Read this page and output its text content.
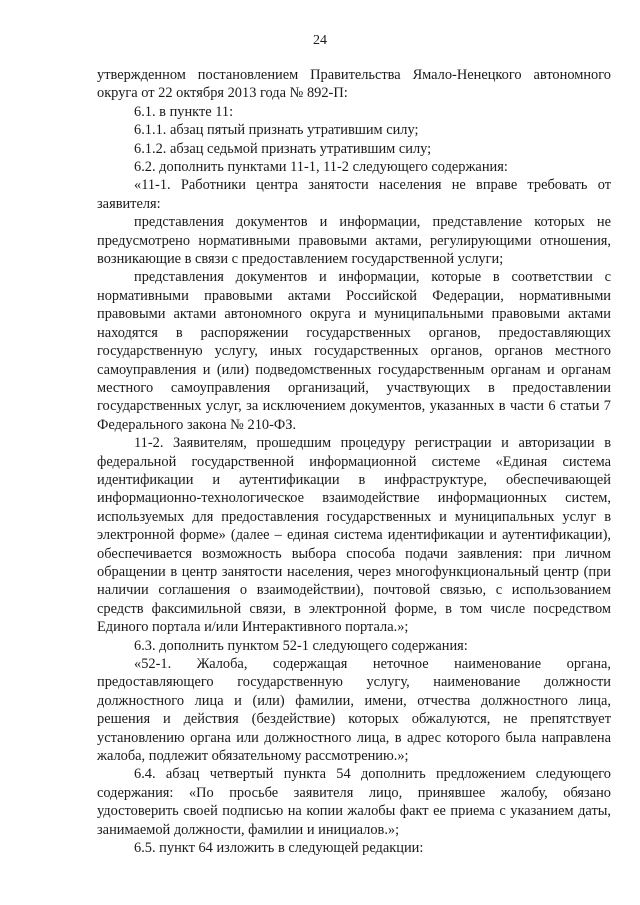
24

утвержденном постановлением Правительства Ямало-Ненецкого автономного округа от 22 октября 2013 года № 892-П:

6.1. в пункте 11:

6.1.1. абзац пятый признать утратившим силу;

6.1.2. абзац седьмой признать утратившим силу;

6.2. дополнить пунктами 11-1, 11-2 следующего содержания:

«11-1. Работники центра занятости населения не вправе требовать от заявителя:

представления документов и информации, представление которых не предусмотрено нормативными правовыми актами, регулирующими отношения, возникающие в связи с предоставлением государственной услуги;

представления документов и информации, которые в соответствии с нормативными правовыми актами Российской Федерации, нормативными правовыми актами автономного округа и муниципальными правовыми актами находятся в распоряжении государственных органов, предоставляющих государственную услугу, иных государственных органов, органов местного самоуправления и (или) подведомственных государственным органам и органам местного самоуправления организаций, участвующих в предоставлении государственных услуг, за исключением документов, указанных в части 6 статьи 7 Федерального закона № 210-ФЗ.

11-2. Заявителям, прошедшим процедуру регистрации и авторизации в федеральной государственной информационной системе «Единая система идентификации и аутентификации в инфраструктуре, обеспечивающей информационно-технологическое взаимодействие информационных систем, используемых для предоставления государственных и муниципальных услуг в электронной форме» (далее – единая система идентификации и аутентификации), обеспечивается возможность выбора способа подачи заявления: при личном обращении в центр занятости населения, через многофункциональный центр (при наличии соглашения о взаимодействии), почтовой связью, с использованием средств факсимильной связи, в электронной форме, в том числе посредством Единого портала и/или Интерактивного портала.»;

6.3. дополнить пунктом 52-1 следующего содержания:

«52-1. Жалоба, содержащая неточное наименование органа, предоставляющего государственную услугу, наименование должности должностного лица и (или) фамилии, имени, отчества должностного лица, решения и действия (бездействие) которых обжалуются, не препятствует установлению органа или должностного лица, в адрес которого была направлена жалоба, подлежит обязательному рассмотрению.»;

6.4. абзац четвертый пункта 54 дополнить предложением следующего содержания: «По просьбе заявителя лицо, принявшее жалобу, обязано удостоверить своей подписью на копии жалобы факт ее приема с указанием даты, занимаемой должности, фамилии и инициалов.»;

6.5. пункт 64 изложить в следующей редакции:
